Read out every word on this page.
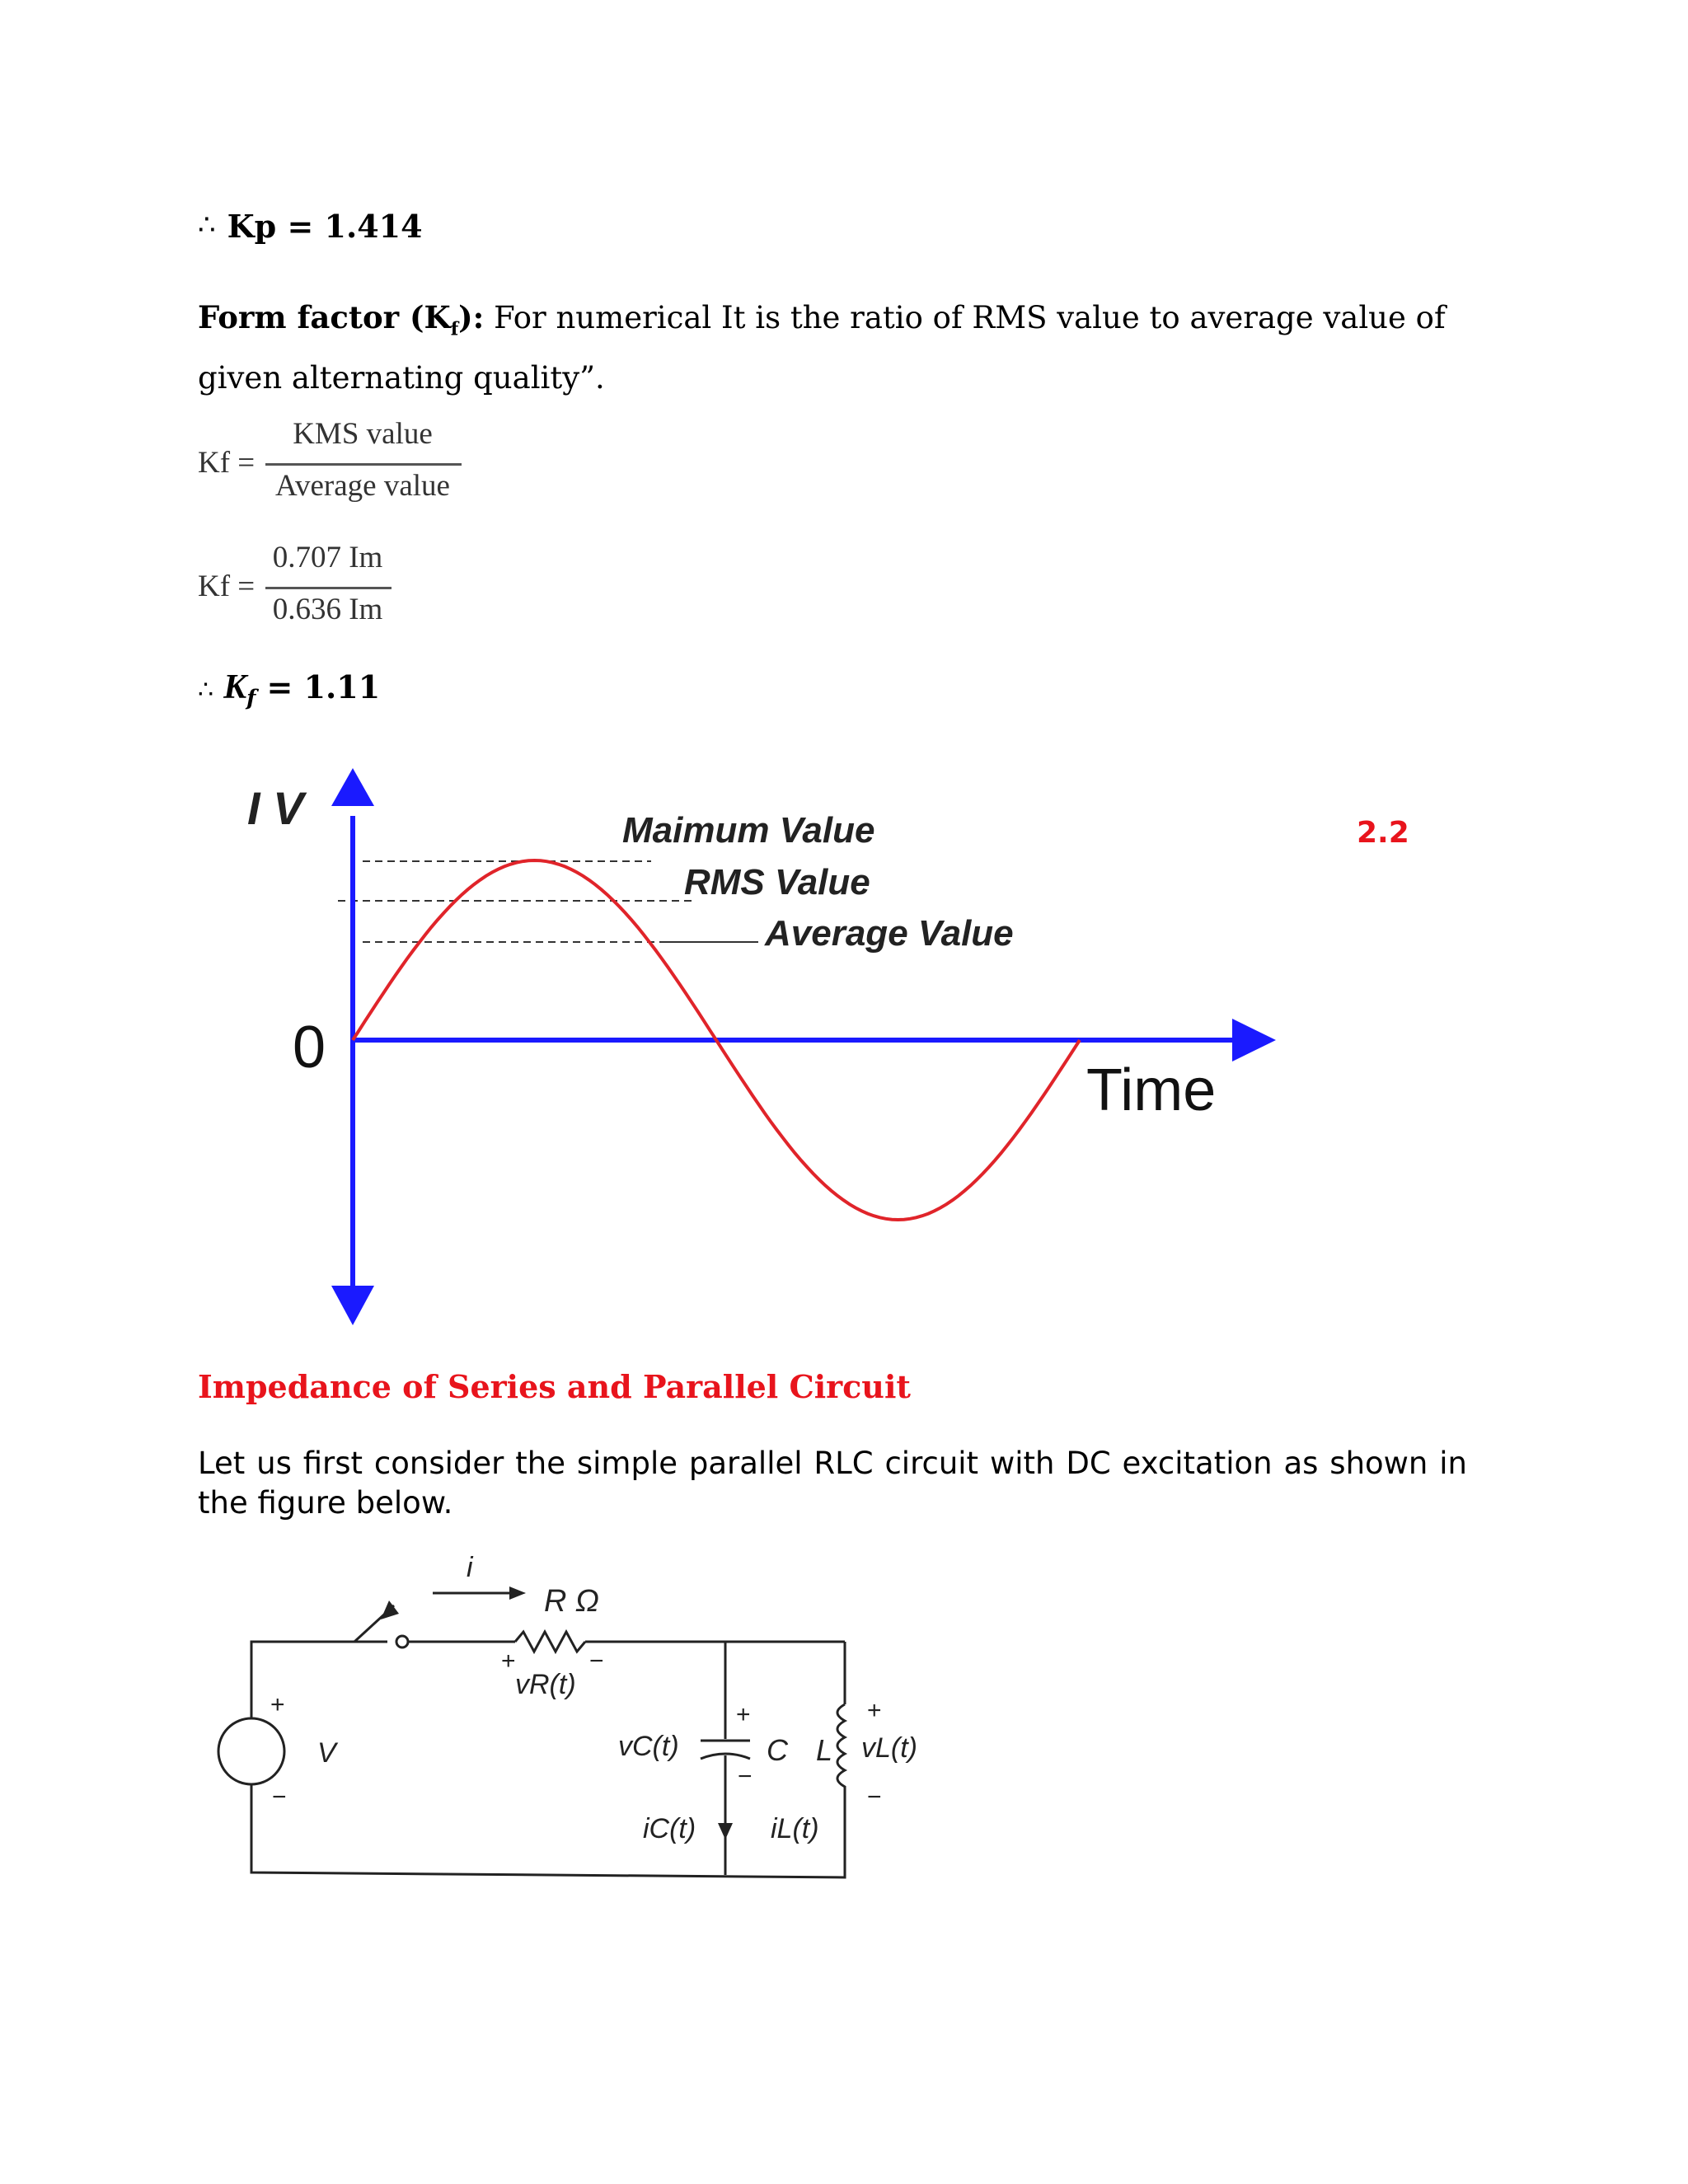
∴ Kp = 1.414
Form factor $(K_f)$: For numerical It is the ratio of RMS value to average value of given alternating quality”.
Kf =
KMS value
Average value
Kf =
0.707 Im
0.636 Im
∴ $K_f = 1.11$
I V
0
Time
Maimum Value
RMS Value
Average Value
2.2
Impedance of Series and Parallel Circuit
Let us first consider the simple parallel RLC circuit with DC excitation as shown in the figure below.
i
R Ω
vR(t)
V	vC(t)	C L vL(t)
iC(t)	iL(t)
+
−
+	−
+
−
+
−
